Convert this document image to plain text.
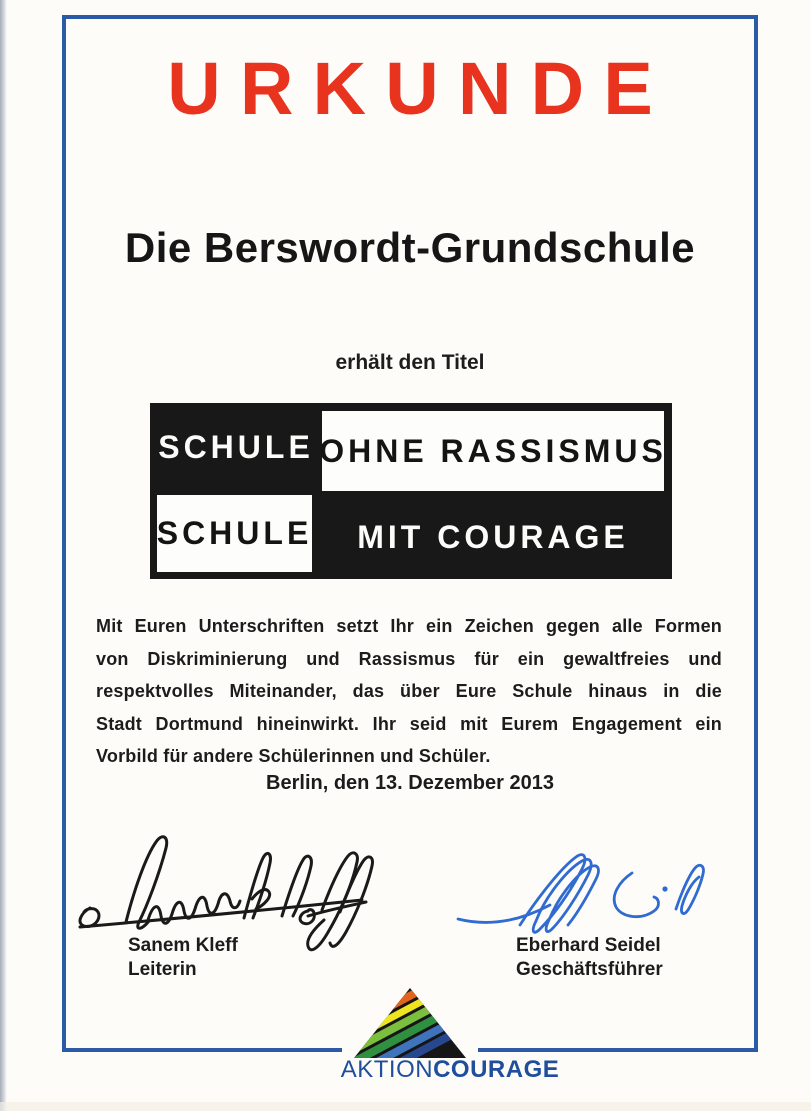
URKUNDE
Die Berswordt-Grundschule
erhält den Titel
SCHULE OHNE RASSISMUS
SCHULE	MIT COURAGE
Mit Euren Unterschriften setzt Ihr ein Zeichen gegen alle Formen
von Diskriminierung und Rassismus für ein gewaltfreies und
respektvolles Miteinander, das über Eure Schule hinaus in die
Stadt Dortmund hineinwirkt. Ihr seid mit Eurem Engagement ein
Vorbild für andere Schülerinnen und Schüler.
Berlin, den 13. Dezember 2013
Sanem Kleff
Leiterin
Eberhard Seidel
Geschäftsführer
AKTIONCOURAGE
